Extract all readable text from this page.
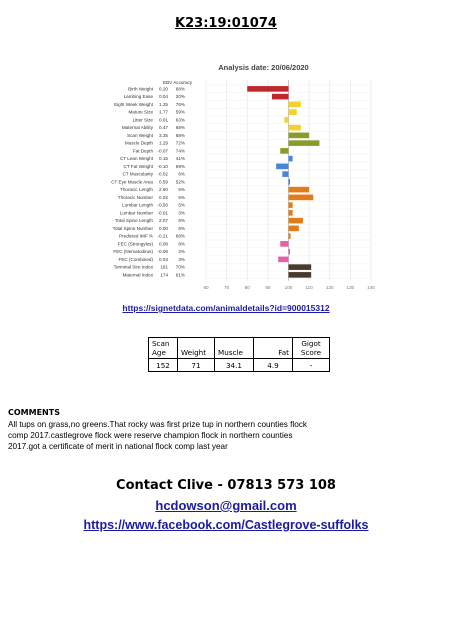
K23:19:01074
Analysis date: 20/06/2020
EBV Accuracy
60	70	80	90	100	110	120	130	140
Birth Weight 0.20 68%
Lambing Ease 0.04 20%
Eight Week Weight 1.25 76%
Mature Size 1.77 59%
Litter Size 0.01 63%
Maternal Ability 0.47 68%
Scan Weight 3.35 68%
Muscle Depth 1.29 72%
Fat Depth -0.07 74%
CT Lean Weight 0.15 41%
CT Fat Weight -0.10 69%
CT Muscularity -0.02 6%
CT Eye Muscle Area 0.59 52%
Thoracic Length 2.60 5%
Thoracic Number 0.02 5%
Lumbar Length -0.56 5%
Lumbar Number -0.01 3%
Total Spine Length 2.07 6%
Total Spine Number 0.00 6%
Predicted IMF % -0.21 68%
FEC (Strongyles) 0.08 8%
FEC (Nematodirus) -0.06 2%
FEC (Combined) 0.03 3%
Terminal Sire Index 181 70%
Maternal Index 174 61%
https://signetdata.com/animaldetails?id=900015312
Scan
Age	Weight	Muscle	Fat	Gigot
Score
152	71	34.1	4.9	-
COMMENTS
All tups on grass,no greens.That rocky was first prize tup in northern counties flock
comp 2017.castlegrove flock were reserve champion flock in northern counties
2017.got a certificate of merit in national flock comp last year
Contact Clive - 07813 573 108
hcdowson@gmail.com
https://www.facebook.com/Castlegrove-suffolks
